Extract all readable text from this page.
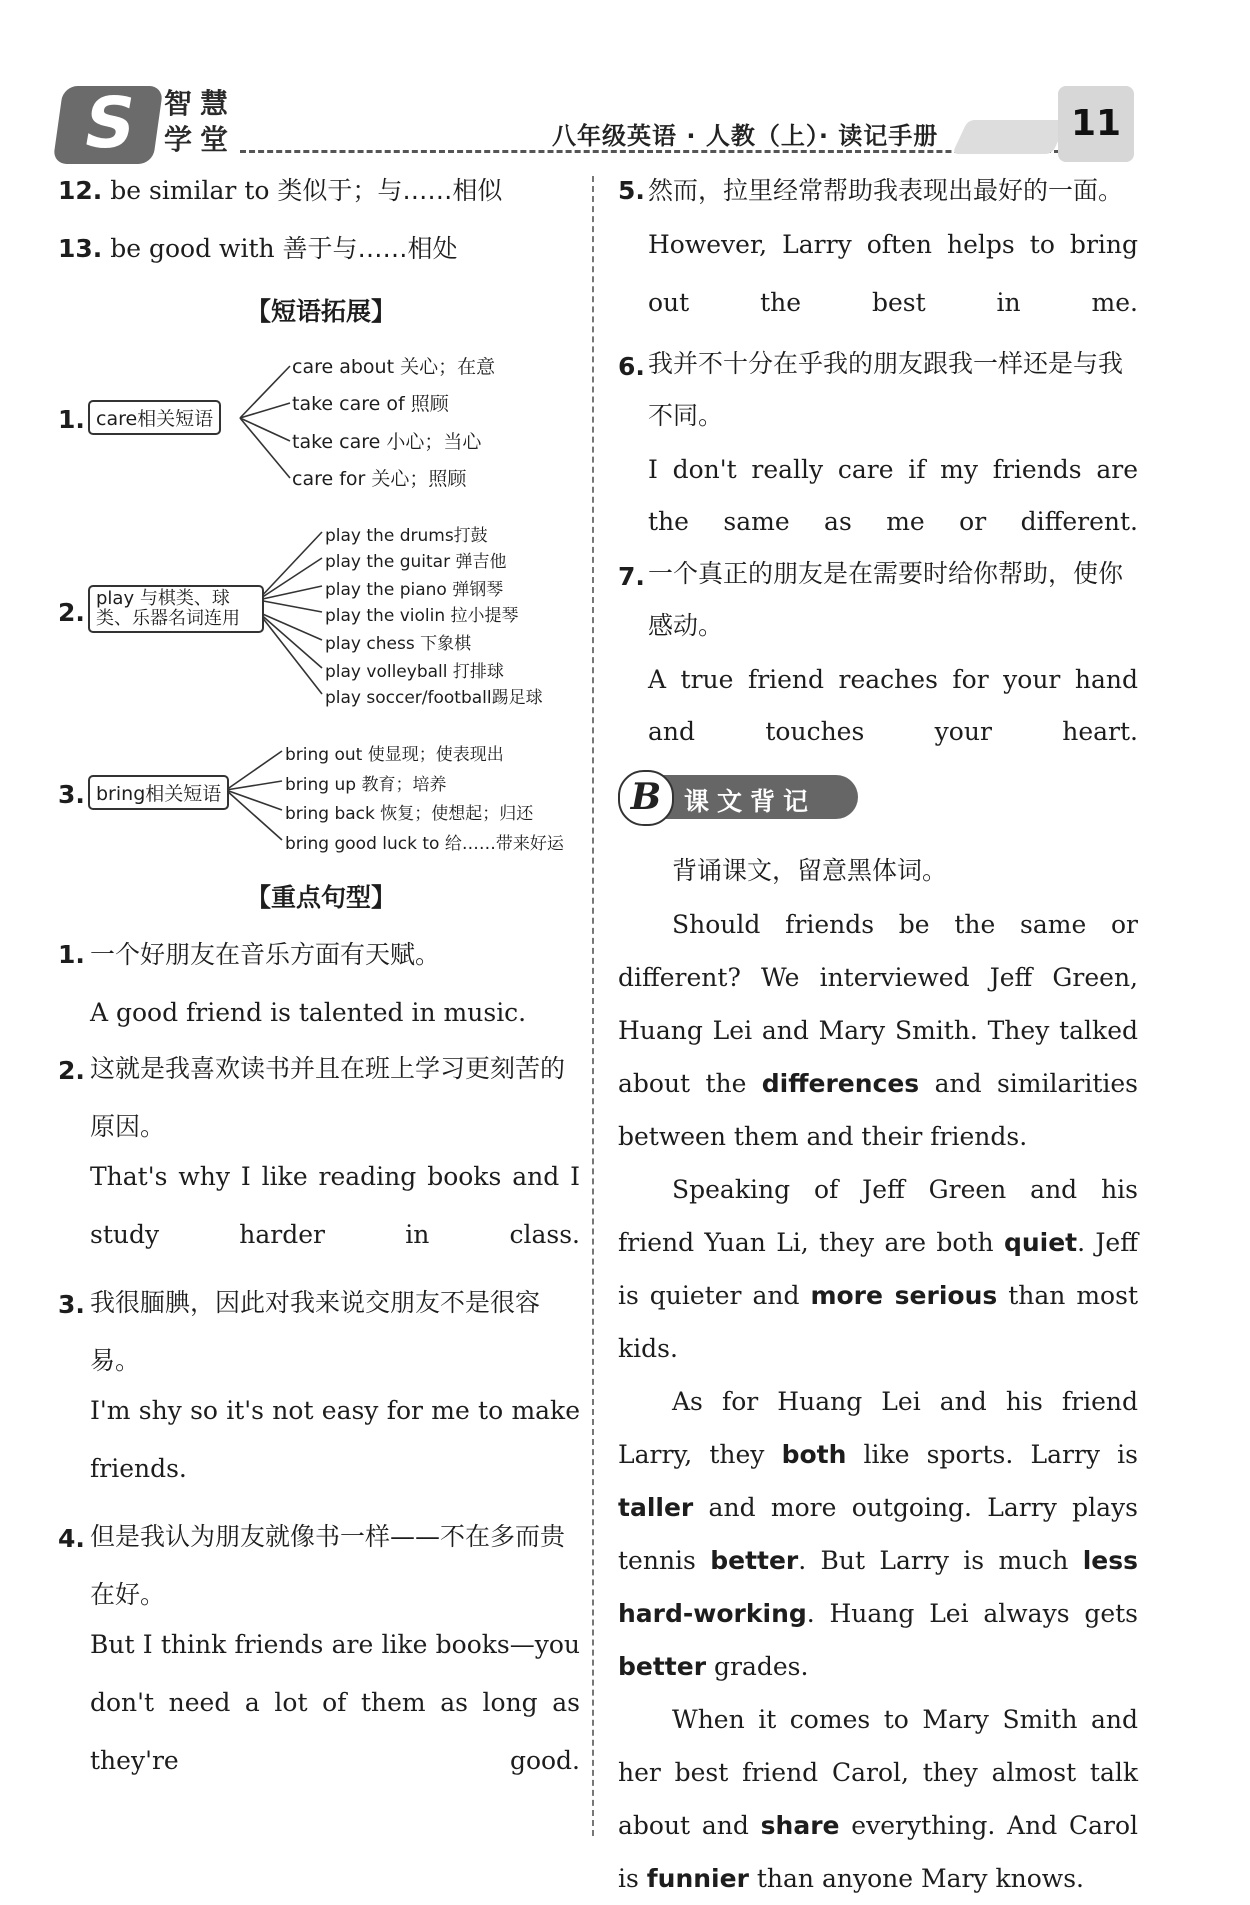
S 智 慧
学 堂	八年级英语 · 人教（上）· 读记手册	11
12. be similar to 类似于；与……相似
13. be good with 善于与……相处
【短语拓展】
1. care相关短语
care about 关心；在意
take care of 照顾
take care 小心；当心
care for 关心；照顾
2. play 与棋类、球类、乐器名词连用
play the drums打鼓
play the guitar 弹吉他
play the piano 弹钢琴
play the violin 拉小提琴
play chess 下象棋
play volleyball 打排球
play soccer/football踢足球
3. bring相关短语
bring out 使显现；使表现出
bring up 教育；培养
bring back 恢复；使想起；归还
bring good luck to 给……带来好运
【重点句型】
1. 一个好朋友在音乐方面有天赋。
A good friend is talented in music.
2. 这就是我喜欢读书并且在班上学习更刻苦的原因。
That's why I like reading books and I study harder in class.
3. 我很腼腆，因此对我来说交朋友不是很容易。
I'm shy so it's not easy for me to make friends.
4. 但是我认为朋友就像书一样——不在多而贵在好。
But I think friends are like books—you don't need a lot of them as long as they're good.
5. 然而，拉里经常帮助我表现出最好的一面。
However, Larry often helps to bring out the best in me.
6. 我并不十分在乎我的朋友跟我一样还是与我不同。
I don't really care if my friends are the same as me or different.
7. 一个真正的朋友是在需要时给你帮助，使你感动。
A true friend reaches for your hand and touches your heart.
B 课文背记
背诵课文，留意黑体词。

Should friends be the same or different? We interviewed Jeff Green, Huang Lei and Mary Smith. They talked about the differences and similarities between them and their friends.

Speaking of Jeff Green and his friend Yuan Li, they are both quiet. Jeff is quieter and more serious than most kids.

As for Huang Lei and his friend Larry, they both like sports. Larry is taller and more outgoing. Larry plays tennis better. But Larry is much less hard-working. Huang Lei always gets better grades.

When it comes to Mary Smith and her best friend Carol, they almost talk about and share everything. And Carol is funnier than anyone Mary knows.
